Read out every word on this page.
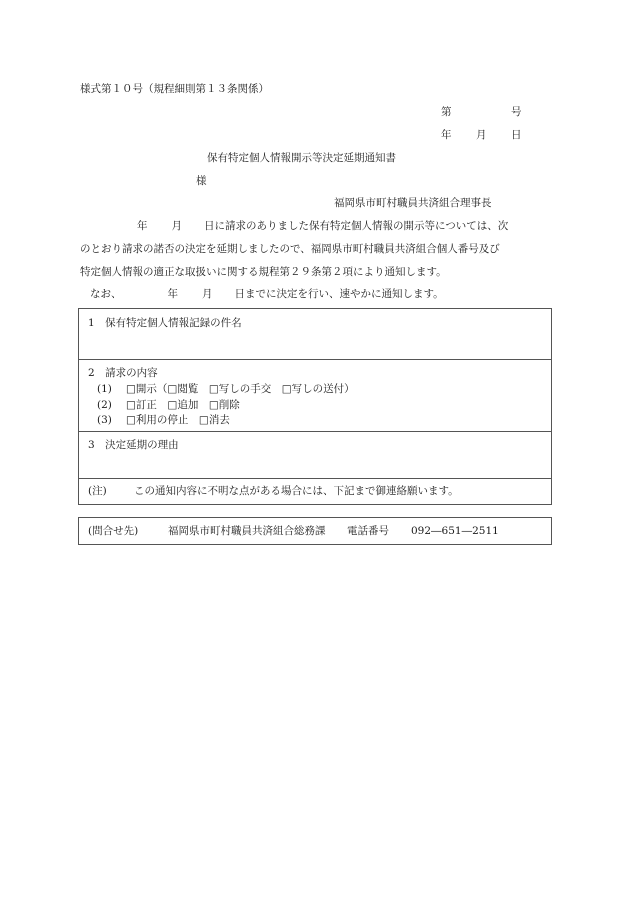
様式第１０号（規程細則第１３条関係）
第	号
年 月 日
保有特定個人情報開示等決定延期通知書
様
福岡県市町村職員共済組合理事長
年 月 日に請求のありました保有特定個人情報の開示等については、次
のとおり請求の諾否の決定を延期しましたので、福岡県市町村職員共済組合個人番号及び
特定個人情報の適正な取扱いに関する規程第２９条第２項により通知します。
なお、	年 月 日までに決定を行い、速やかに通知します。
1　保有特定個人情報記録の件名
2　請求の内容
(1) □開示（□閲覧　□写しの手交　□写しの送付）
(2) □訂正　□追加　□削除
(3) □利用の停止　□消去
3　決定延期の理由
(注)	この通知内容に不明な点がある場合には、下記まで御連絡願います。
(問合せ先)	福岡県市町村職員共済組合総務課 電話番号 092―651―2511
